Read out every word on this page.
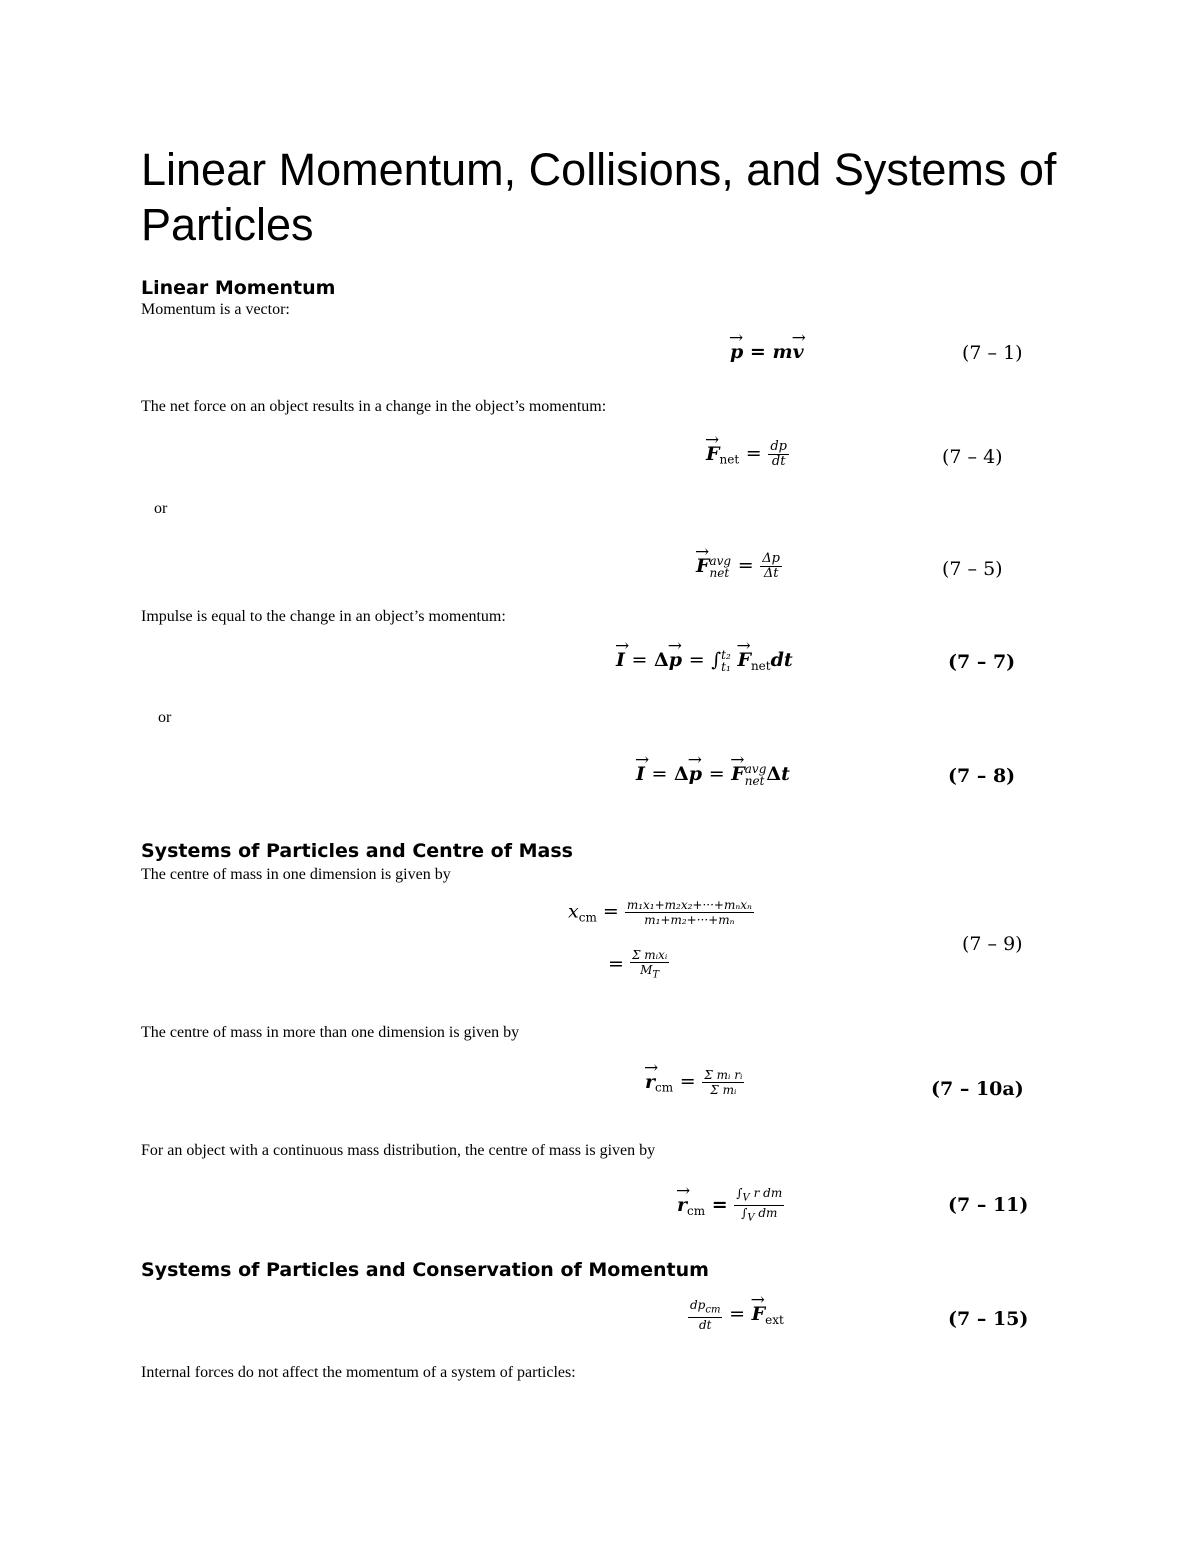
Linear Momentum, Collisions, and Systems of Particles
Linear Momentum

Momentum is a vector:

→ p = m→ v	(7 – 1)

The net force on an object results in a change in the object’s momentum:

→ $F_{net} = \frac{dp}{dt}$	(7 – 4)

or

→ Favg
net = $\frac{\Delta p}{\Delta t}$	(7 – 5)

Impulse is equal to the change in an object’s momentum:

→ I = Δ→ p = ∫t₂
$t_1 \to F_{net}dt$	(7 – 7)

or

→ I = Δ→ p = → Favg
net Δt	(7 – 8)
Systems of Particles and Centre of Mass

The centre of mass in one dimension is given by

$x_{cm} = \frac{\text{m₁x₁+m₂x₂+···+mₙxₙ}}{\text{m₁+m₂+···+mₙ}}$
= $\frac{\text{Σ mᵢxᵢ}}{M_T}$
(7 – 9)

The centre of mass in more than one dimension is given by

→ $r_{cm} = \frac{\text{Σ mᵢ rᵢ}}{\text{Σ mᵢ}}$	(7 – 10a)

For an object with a continuous mass distribution, the centre of mass is given by

→ $r_{cm} = \frac{\int_V r dm}{\int_V dm}$	(7 – 11)
Systems of Particles and Conservation of Momentum
$\frac{dp_{cm}}{dt}$ = → $F_{ext}$	(7 – 15)

Internal forces do not affect the momentum of a system of particles:
